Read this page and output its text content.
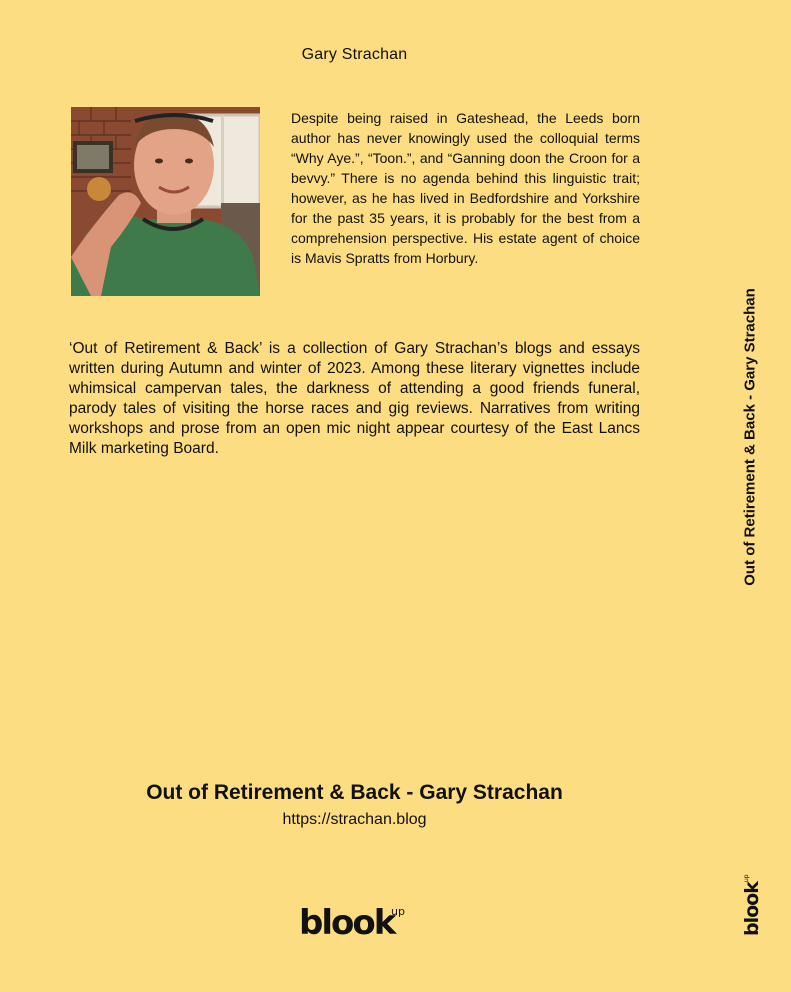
Gary Strachan
Despite being raised in Gateshead, the Leeds born author has never knowingly used the colloquial terms “Why Aye.”, “Toon.”, and “Ganning doon the Croon for a bevvy.” There is no agenda behind this linguistic trait; however, as he has lived in Bedfordshire and Yorkshire for the past 35 years, it is probably for the best from a comprehension perspective. His estate agent of choice is Mavis Spratts from Horbury.
‘Out of Retirement & Back’ is a collection of Gary Strachan’s blogs and essays written during Autumn and winter of 2023. Among these literary vignettes include whimsical campervan tales, the darkness of attending a good friends funeral, parody tales of visiting the horse races and gig reviews. Narratives from writing workshops and prose from an open mic night appear courtesy of the East Lancs Milk marketing Board.
Out of Retirement & Back - Gary Strachan
https://strachan.blog
blook
up
Out of Retirement & Back - Gary Strachan
blook
up
